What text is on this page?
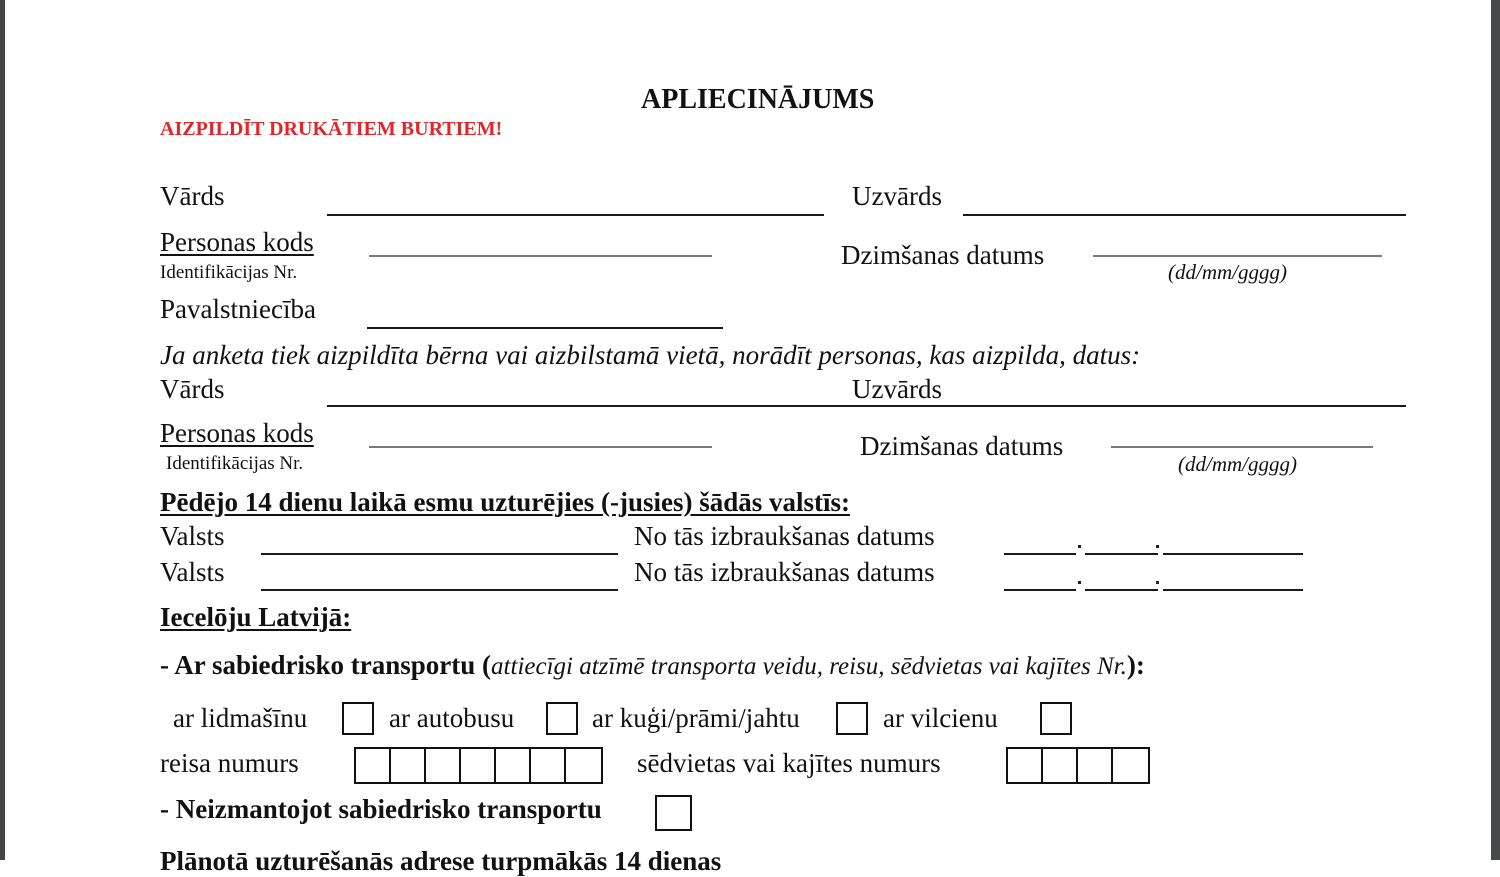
APLIECINĀJUMS
AIZPILDĪT DRUKĀTIEM BURTIEM!
Vārds	Uzvārds
Personas kods
Identifikācijas Nr.
Dzimšanas datums
(dd/mm/gggg)
Pavalstniecība
Ja anketa tiek aizpildīta bērna vai aizbilstamā vietā, norādīt personas, kas aizpilda, datus:
Vārds	Uzvārds
Personas kods
Identifikācijas Nr.
Dzimšanas datums
(dd/mm/gggg)
Pēdējo 14 dienu laikā esmu uzturējies (-jusies) šādās valstīs:
Valsts	No tās izbraukšanas datums
Valsts	No tās izbraukšanas datums
Iecelōju Latvijā:
- Ar sabiedrisko transportu (attiecīgi atzīmē transporta veidu, reisu, sēdvietas vai kajītes Nr.):
ar lidmašīnu	ar autobusu	ar kuģi/prāmi/jahtu	ar vilcienu
reisa numurs	sēdvietas vai kajītes numurs
- Neizmantojot sabiedrisko transportu
Plānotā uzturēšanās adrese turpmākās 14 dienas
